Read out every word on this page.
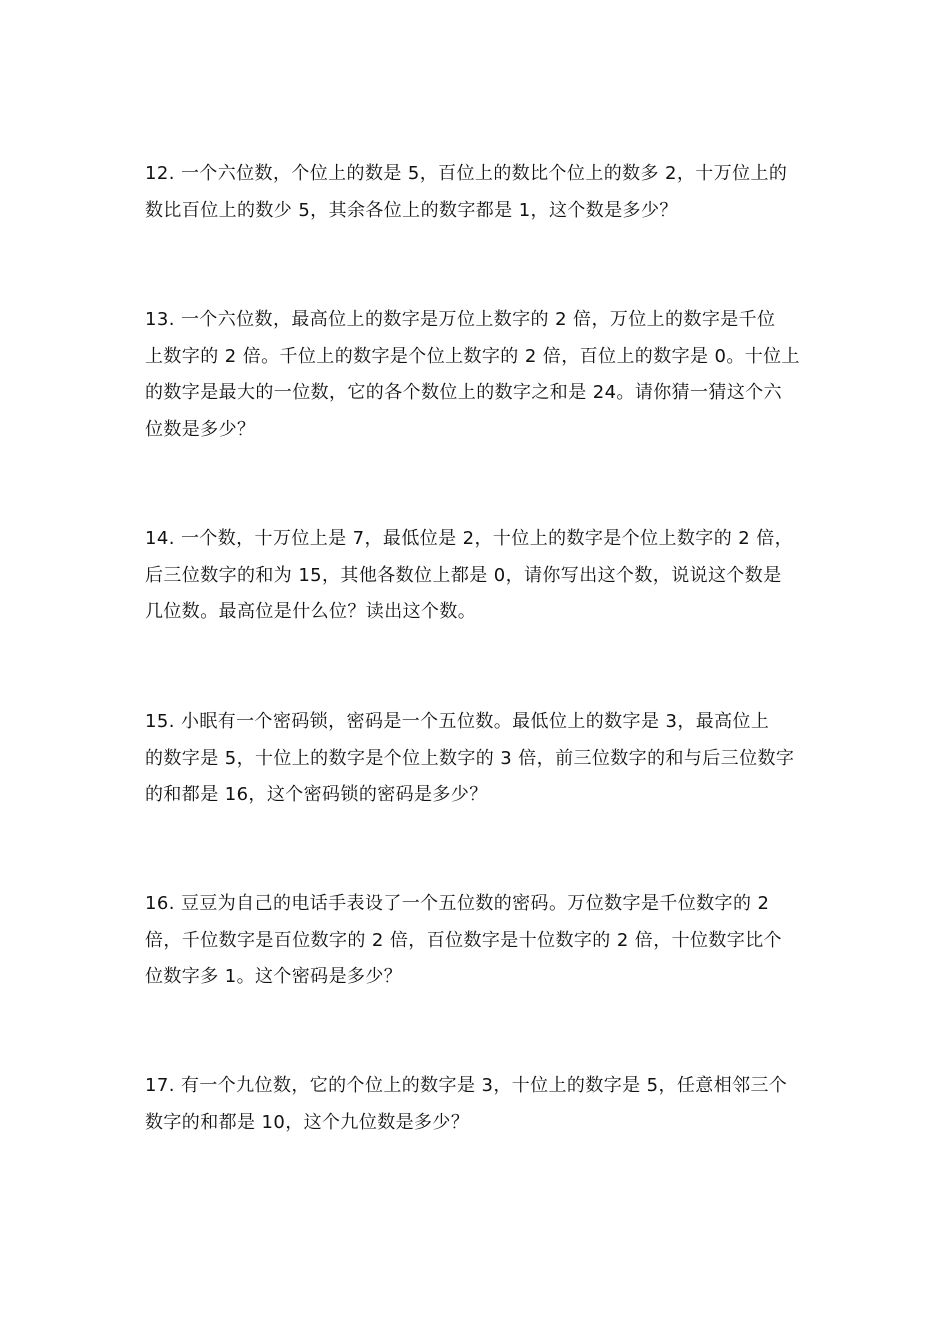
12. 一个六位数，个位上的数是 5，百位上的数比个位上的数多 2，十万位上的
数比百位上的数少 5，其余各位上的数字都是 1，这个数是多少？

13. 一个六位数，最高位上的数字是万位上数字的 2 倍，万位上的数字是千位
上数字的 2 倍。千位上的数字是个位上数字的 2 倍，百位上的数字是 0。十位上
的数字是最大的一位数，它的各个数位上的数字之和是 24。请你猜一猜这个六
位数是多少？

14. 一个数，十万位上是 7，最低位是 2，十位上的数字是个位上数字的 2 倍，
后三位数字的和为 15，其他各数位上都是 0，请你写出这个数，说说这个数是
几位数。最高位是什么位？读出这个数。

15. 小眠有一个密码锁，密码是一个五位数。最低位上的数字是 3，最高位上
的数字是 5，十位上的数字是个位上数字的 3 倍，前三位数字的和与后三位数字
的和都是 16，这个密码锁的密码是多少？

16. 豆豆为自己的电话手表设了一个五位数的密码。万位数字是千位数字的 2
倍，千位数字是百位数字的 2 倍，百位数字是十位数字的 2 倍，十位数字比个
位数字多 1。这个密码是多少？

17. 有一个九位数，它的个位上的数字是 3，十位上的数字是 5，任意相邻三个
数字的和都是 10，这个九位数是多少？
